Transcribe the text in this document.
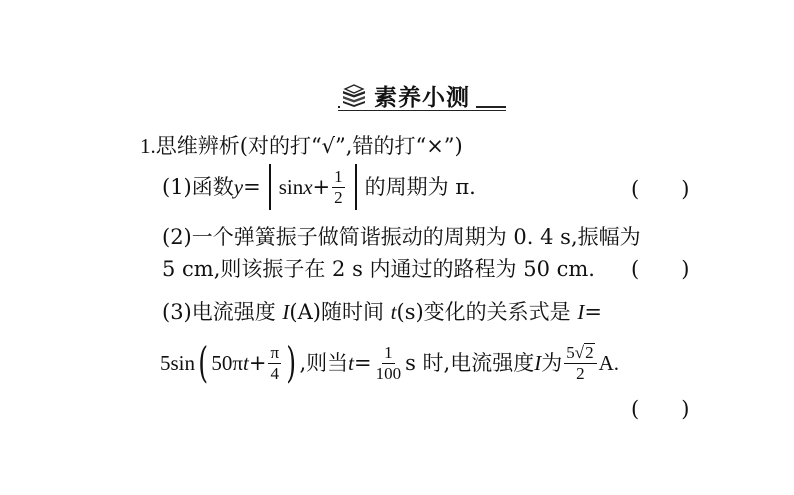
素养小测
1.思维辨析(对的打“√”,错的打“×”)
(1)函数 $y = \sin x + \frac{1}{2}$ 的周期为 π.	(　　)
(2)一个弹簧振子做简谐振动的周期为 0. 4 s,振幅为
5 cm,则该振子在 2 s 内通过的路程为 50 cm. (　　)
(3)电流强度 I(A)随时间 t(s)变化的关系式是 I=
5sin ( 50π $t + \frac{\pi}{4}$ ) ,则当 $t = \frac{1}{100}$ s 时,电流强度 I 为 $\frac{5 √ 2}{2} A$.
(　　)
